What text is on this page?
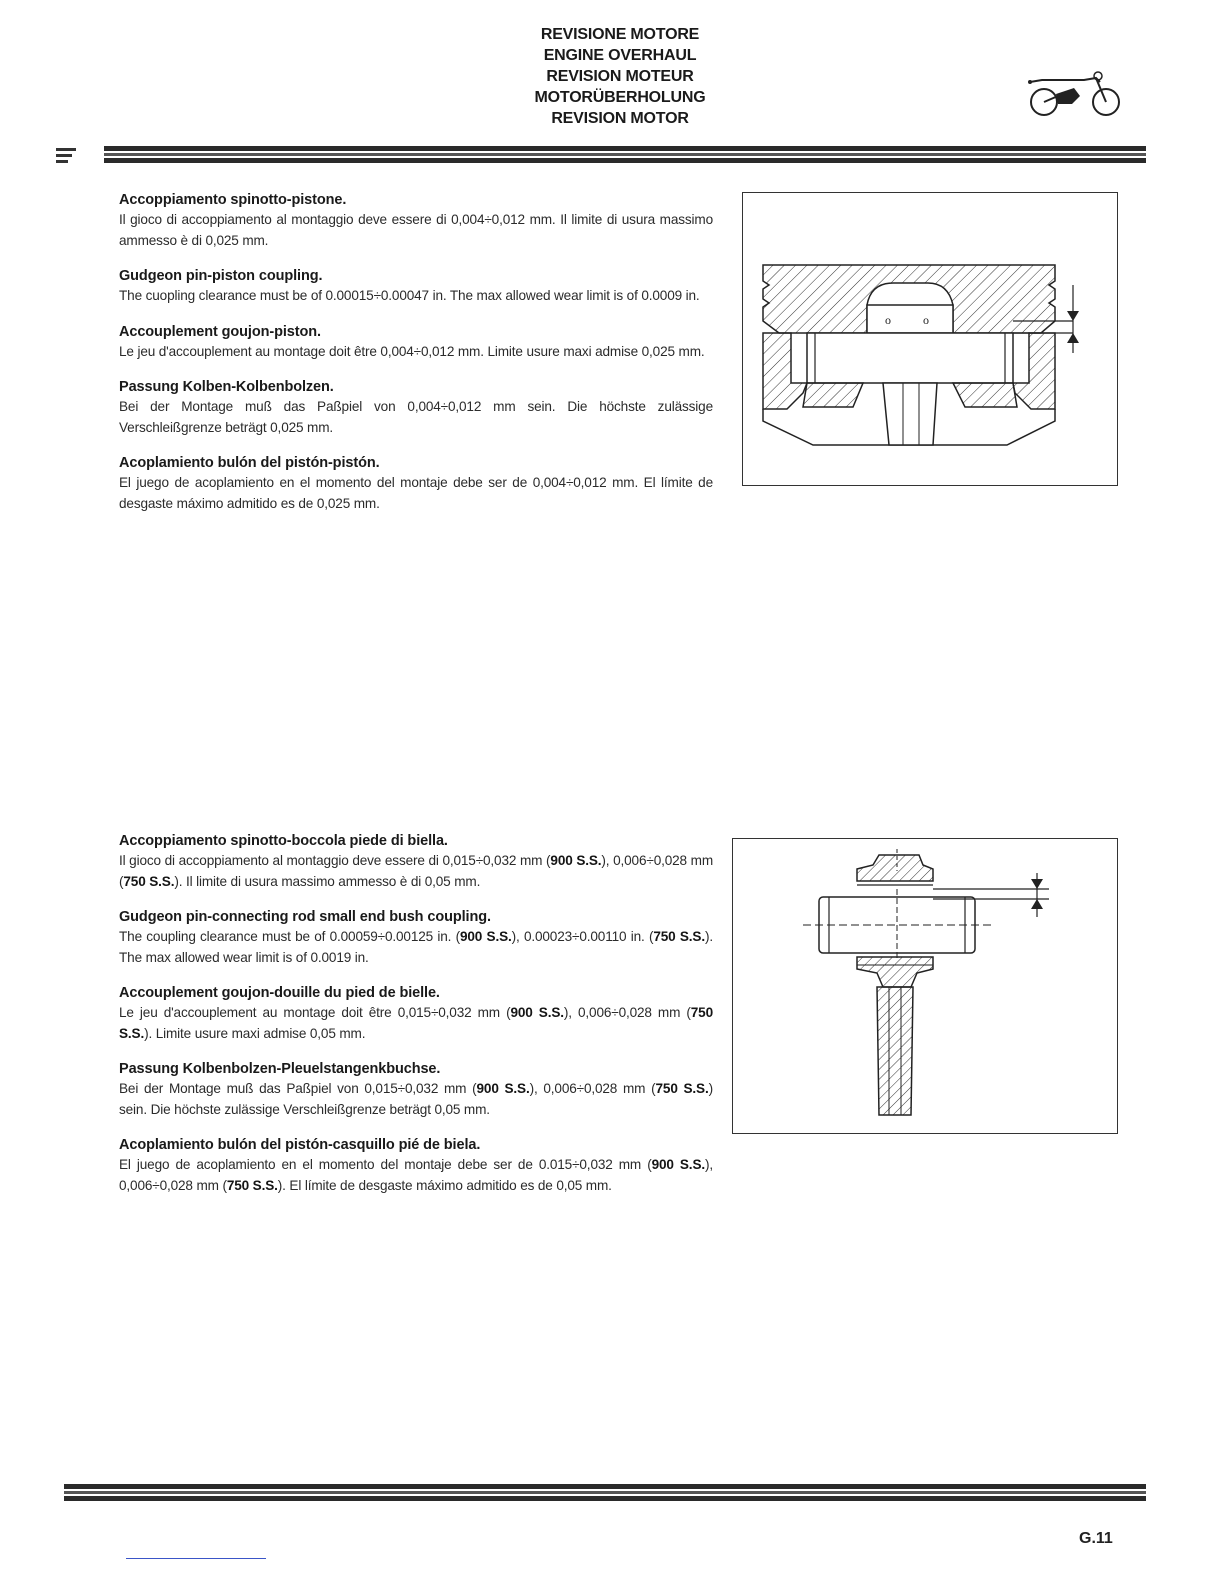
REVISIONE MOTORE
ENGINE OVERHAUL
REVISION MOTEUR
MOTORÜBERHOLUNG
REVISION MOTOR
Accoppiamento spinotto-pistone.

Il gioco di accoppiamento al montaggio deve essere di 0,004÷0,012 mm. Il limite di usura massimo ammesso è di 0,025 mm.

Gudgeon pin-piston coupling.

The cuopling clearance must be of 0.00015÷0.00047 in. The max allowed wear limit is of 0.0009 in.

Accouplement goujon-piston.

Le jeu d'accouplement au montage doit être 0,004÷0,012 mm. Limite usure maxi admise 0,025 mm.

Passung Kolben-Kolbenbolzen.

Bei der Montage muß das Paßpiel von 0,004÷0,012 mm sein. Die höchste zulässige Verschleißgrenze beträgt 0,025 mm.

Acoplamiento bulón del pistón-pistón.

El juego de acoplamiento en el momento del montaje debe ser de 0,004÷0,012 mm. El límite de desgaste máximo admitido es de 0,025 mm.

o	o
Accoppiamento spinotto-boccola piede di biella.

Il gioco di accoppiamento al montaggio deve essere di 0,015÷0,032 mm (900 S.S.), 0,006÷0,028 mm (750 S.S.). Il limite di usura massimo ammesso è di 0,05 mm.

Gudgeon pin-connecting rod small end bush coupling.

The coupling clearance must be of 0.00059÷0.00125 in. (900 S.S.), 0.00023÷0.00110 in. (750 S.S.). The max allowed wear limit is of 0.0019 in.

Accouplement goujon-douille du pied de bielle.

Le jeu d'accouplement au montage doit être 0,015÷0,032 mm (900 S.S.), 0,006÷0,028 mm (750 S.S.). Limite usure maxi admise 0,05 mm.

Passung Kolbenbolzen-Pleuelstangenkbuchse.

Bei der Montage muß das Paßpiel von 0,015÷0,032 mm (900 S.S.), 0,006÷0,028 mm (750 S.S.) sein. Die höchste zulässige Verschleißgrenze beträgt 0,05 mm.

Acoplamiento bulón del pistón-casquillo pié de biela.

El juego de acoplamiento en el momento del montaje debe ser de 0.015÷0,032 mm (900 S.S.), 0,006÷0,028 mm (750 S.S.). El límite de desgaste máximo admitido es de 0,05 mm.

G.11
